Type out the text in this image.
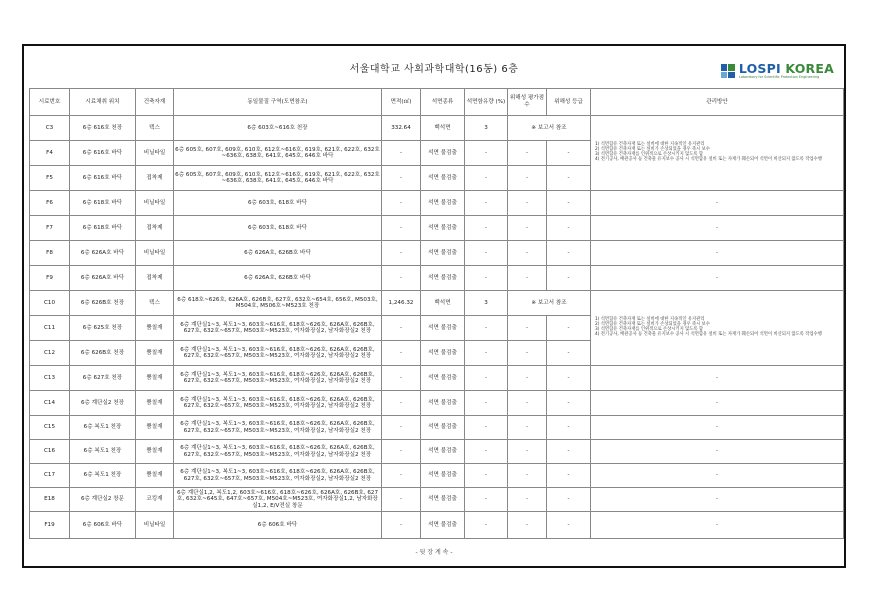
서울대학교 사회과학대학(16동) 6층	LOSPI KOREA
Laboratory for Scientific Protection Engineering
시료번호	시료채취 위치	건축자재	동일물질 구역(도면참조)	면적(㎡)	석면종류	석면함유량 (%)	위해성 평가점수	위해성 등급	관리방안
C3	6층 616호 천장	텍스	6층 603호~616호 천장	332.64	백석면	3	※ 보고서 참조		1) 석면함유 건축자재 또는 설비에 대한 지속적인 유지관리
2) 석면함유 건축자재 또는 설비가 손상되었을 경우 즉시 보수
3) 석면함유 건축자재를 인위적으로 손상시키지 않도록 함
4) 전기공사, 배관공사 등 건축물 유지보수 공사 시 석면함유 설비 또는 자재가 훼손되어 석면이 비산되지 않도록 작업수행

F4	6층 616호 바닥	비닐타일	6층 605호, 607호, 609호, 610호, 612호~616호, 619호, 621호, 622호, 632호~636호, 638호, 641호, 645호, 646호 바닥	-	석면 불검출	-	-	-	
F5	6층 616호 바닥	접착제	6층 605호, 607호, 609호, 610호, 612호~616호, 619호, 621호, 622호, 632호~636호, 638호, 641호, 645호, 646호 바닥	-	석면 불검출	-	-	-	
F6	6층 618호 바닥	비닐타일	6층 603호, 618호 바닥	-	석면 불검출	-	-	-	-
F7	6층 618호 바닥	접착제	6층 603호, 618호 바닥	-	석면 불검출	-	-	-	-
F8	6층 626A호 바닥	비닐타일	6층 626A호, 626B호 바닥	-	석면 불검출	-	-	-	-
F9	6층 626A호 바닥	접착제	6층 626A호, 626B호 바닥	-	석면 불검출	-	-	-	-
C10	6층 626B호 천장	텍스	6층 618호~626호, 626A호, 626B호, 627호, 632호~654호, 656호, M503호, M504호, M506호~M523호 천장	1,246.32	백석면	3	※ 보고서 참조		1) 석면함유 건축자재 또는 설비에 대한 지속적인 유지관리
2) 석면함유 건축자재 또는 설비가 손상되었을 경우 즉시 보수
3) 석면함유 건축자재를 인위적으로 손상시키지 않도록 함
4) 전기공사, 배관공사 등 건축물 유지보수 공사 시 석면함유 설비 또는 자재가 훼손되어 석면이 비산되지 않도록 작업수행

C11	6층 625호 천장	뿜칠재	6층 계단실1~3, 복도1~3, 603호~616호, 618호~626호, 626A호, 626B호, 627호, 632호~657호, M503호~M523호, 여자화장실2, 남자화장실2 천장	-	석면 불검출	-	-	-	
C12	6층 626B호 천장	뿜칠재	6층 계단실1~3, 복도1~3, 603호~616호, 618호~626호, 626A호, 626B호, 627호, 632호~657호, M503호~M523호, 여자화장실2, 남자화장실2 천장	-	석면 불검출	-	-	-	
C13	6층 627호 천장	뿜칠재	6층 계단실1~3, 복도1~3, 603호~616호, 618호~626호, 626A호, 626B호, 627호, 632호~657호, M503호~M523호, 여자화장실2, 남자화장실2 천장	-	석면 불검출	-	-	-	-
C14	6층 계단실2 천장	뿜칠재	6층 계단실1~3, 복도1~3, 603호~616호, 618호~626호, 626A호, 626B호, 627호, 632호~657호, M503호~M523호, 여자화장실2, 남자화장실2 천장	-	석면 불검출	-	-	-	-
C15	6층 복도1 천장	뿜칠재	6층 계단실1~3, 복도1~3, 603호~616호, 618호~626호, 626A호, 626B호, 627호, 632호~657호, M503호~M523호, 여자화장실2, 남자화장실2 천장	-	석면 불검출	-	-	-	-
C16	6층 복도1 천장	뿜칠재	6층 계단실1~3, 복도1~3, 603호~616호, 618호~626호, 626A호, 626B호, 627호, 632호~657호, M503호~M523호, 여자화장실2, 남자화장실2 천장	-	석면 불검출	-	-	-	-
C17	6층 복도1 천장	뿜칠재	6층 계단실1~3, 복도1~3, 603호~616호, 618호~626호, 626A호, 626B호, 627호, 632호~657호, M503호~M523호, 여자화장실2, 남자화장실2 천장	-	석면 불검출	-	-	-	-
E18	6층 계단실2 창문	코킹재	6층 계단실1,2, 복도1,2, 603호~616호, 618호~626호, 626A호, 626B호, 627호, 632호~645호, 647호~657호, M504호~M523호, 여자화장실1,2, 남자화장실1,2, E/V전실 창문	-	석면 불검출	-	-	-	-
F19	6층 606호 바닥	비닐타일	6층 606호 바닥	-	석면 불검출	-	-	-	-
- 뒷 장 계 속 -
